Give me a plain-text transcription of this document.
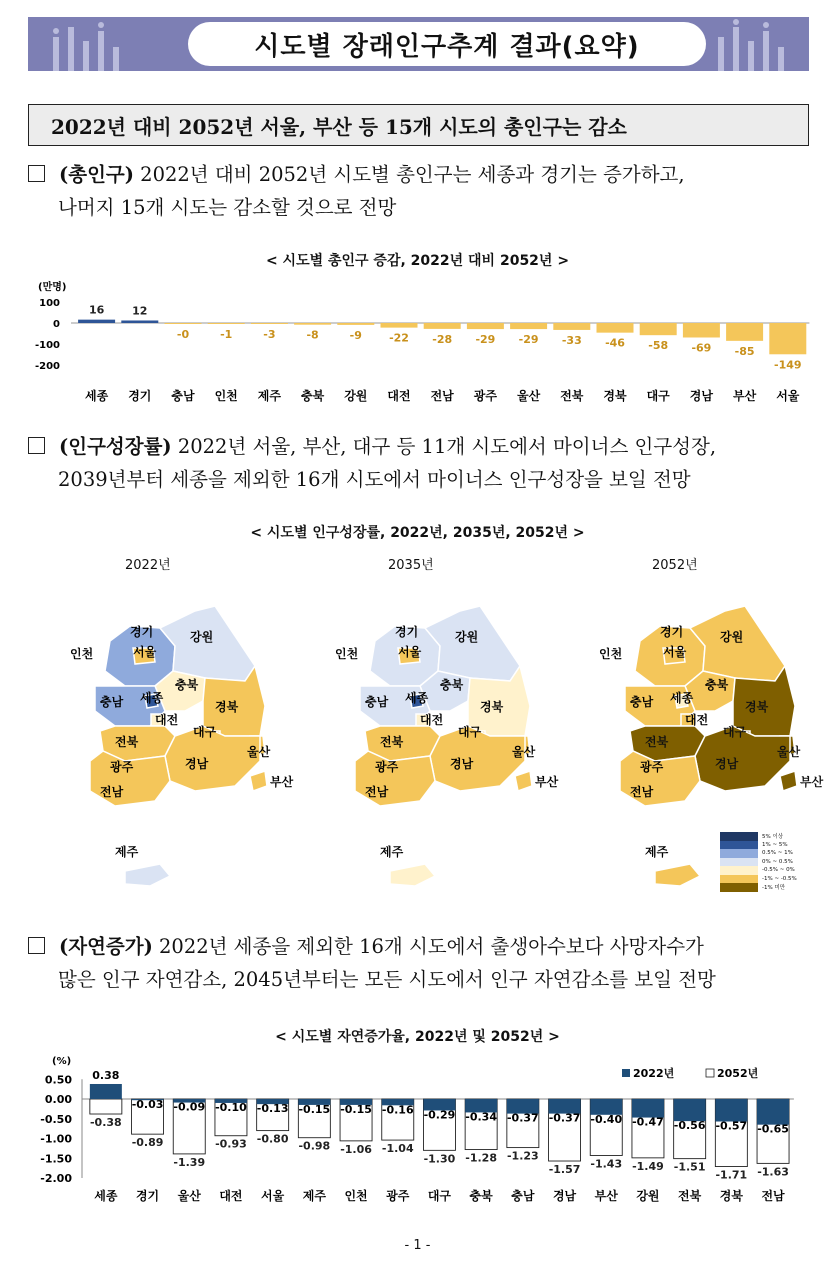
시도별 장래인구추계 결과(요약)
2022년 대비 2052년 서울, 부산 등 15개 시도의 총인구는 감소
(총인구) 2022년 대비 2052년 시도별 총인구는 세종과 경기는 증가하고,
나머지 15개 시도는 감소할 것으로 전망
< 시도별 총인구 증감, 2022년 대비 2052년 >
(만명)
100
0
-100
-200
16
세종
12
경기
-0
충남
-1
인천
-3
제주
-8
충북
-9
강원
-22
대전
-28
전남
-29
광주
-29
울산
-33
전북
-46
경북
-58
대구
-69
경남
-85
부산
-149
서울
(인구성장률) 2022년 서울, 부산, 대구 등 11개 시도에서 마이너스 인구성장,
2039년부터 세종을 제외한 16개 시도에서 마이너스 인구성장을 보일 전망
< 시도별 인구성장률, 2022년, 2035년, 2052년 >
2022년	2035년	2052년
경기
서울
강원
충북
충남 세종
대전
경북
대구
전북
울산
광주	경남
전남
부산
제주
인천
경기
서울
강원
충북
충남 세종
대전
경북
대구
전북
울산
광주	경남
전남
부산
제주
인천
경기
서울
강원
충북
충남 세종
대전
경북
대구
전북
울산
광주	경남
전남
부산
제주
인천
5% 이상
1% ~ 5%
0.5% ~ 1%
0% ~ 0.5%
-0.5% ~ 0%
-1% ~ -0.5%
-1% 미만
(자연증가) 2022년 세종을 제외한 16개 시도에서 출생아수보다 사망자수가
많은 인구 자연감소, 2045년부터는 모든 시도에서 인구 자연감소를 보일 전망
< 시도별 자연증가율, 2022년 및 2052년 >
(%)
0.50
0.00
-0.50
-1.00
-1.50
-2.00
2022년	2052년
0.38
-0.38
세종
-0.03
-0.89
경기
-0.09
-1.39
울산
-0.10
-0.93
대전
-0.13
-0.80
서울
-0.15
-0.98
제주
-0.15
-1.06
인천
-0.16
-1.04
광주
-0.29
-1.30
대구
-0.34
-1.28
충북
-0.37
-1.23
충남
-0.37
-1.57
경남
-0.40
-1.43
부산
-0.47
-1.49
강원
-0.56
-1.51
전북
-0.57
-1.71
경북
-0.65
-1.63
전남
- 1 -
